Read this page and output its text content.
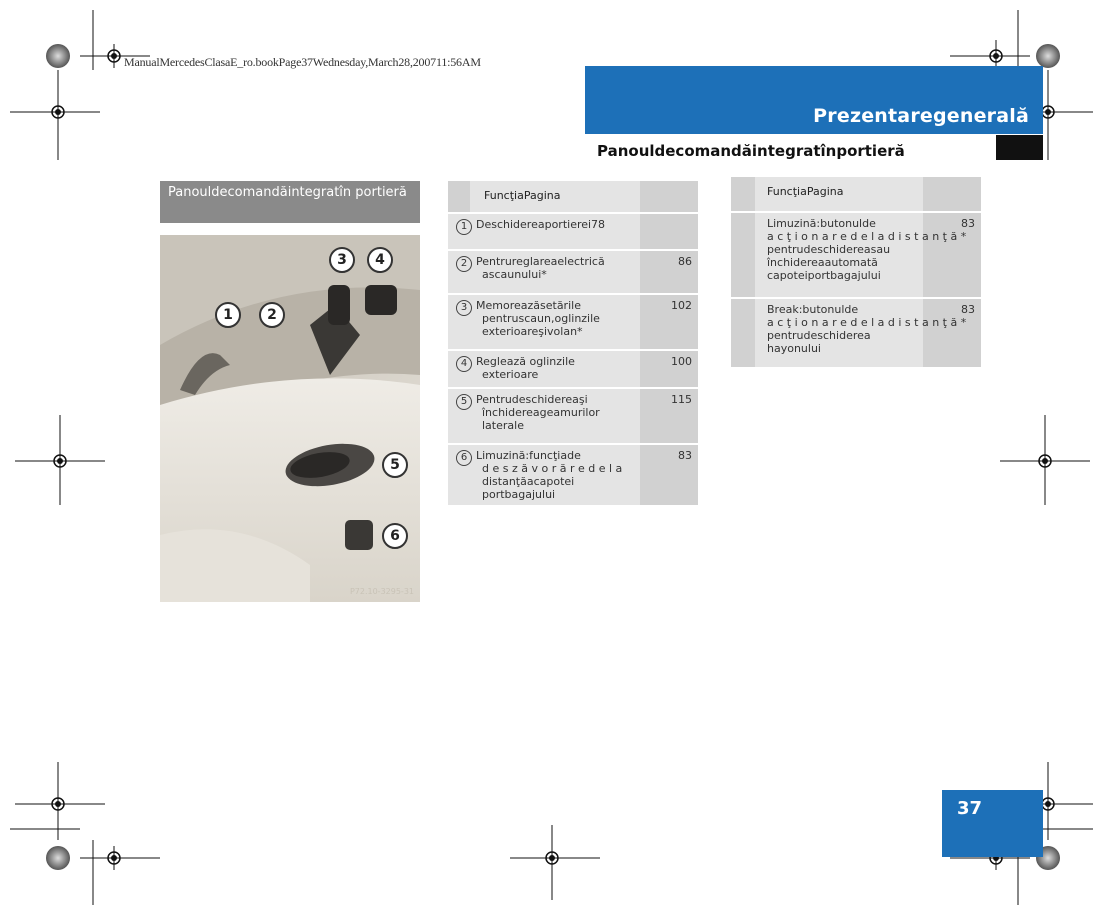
ManualMercedesClasaE_ro.bookPage37Wednesday,March28,200711:56AM
Prezentaregenerală
Panouldecomandăintegratînportieră
Panouldecomandăintegratîn portieră
P72.10-3295-31
1	2
3	4
5
6
FuncţiaPagina
1 Deschidereaportierei78
2 Pentrureglareaelectrică
ascaunului*
86
3 Memoreazăsetările
pentruscaun,oglinzile
exterioareşivolan*
102
4 Reglează oglinzile
exterioare
100
5 Pentrudeschidereaşi
închidereageamurilor
laterale
115
6 Limuzină:funcţiade
d e s z ă v o r ă r e d e l a
distanţăacapotei
portbagajului
83
FuncţiaPagina
Limuzină:butonulde
a c ţ i o n a r e d e l a d i s t a n ţ ă *
pentrudeschidereasau
închidereaautomată
capoteiportbagajului
83
Break:butonulde
a c ţ i o n a r e d e l a d i s t a n ţ ă *
pentrudeschiderea
hayonului
83
37
